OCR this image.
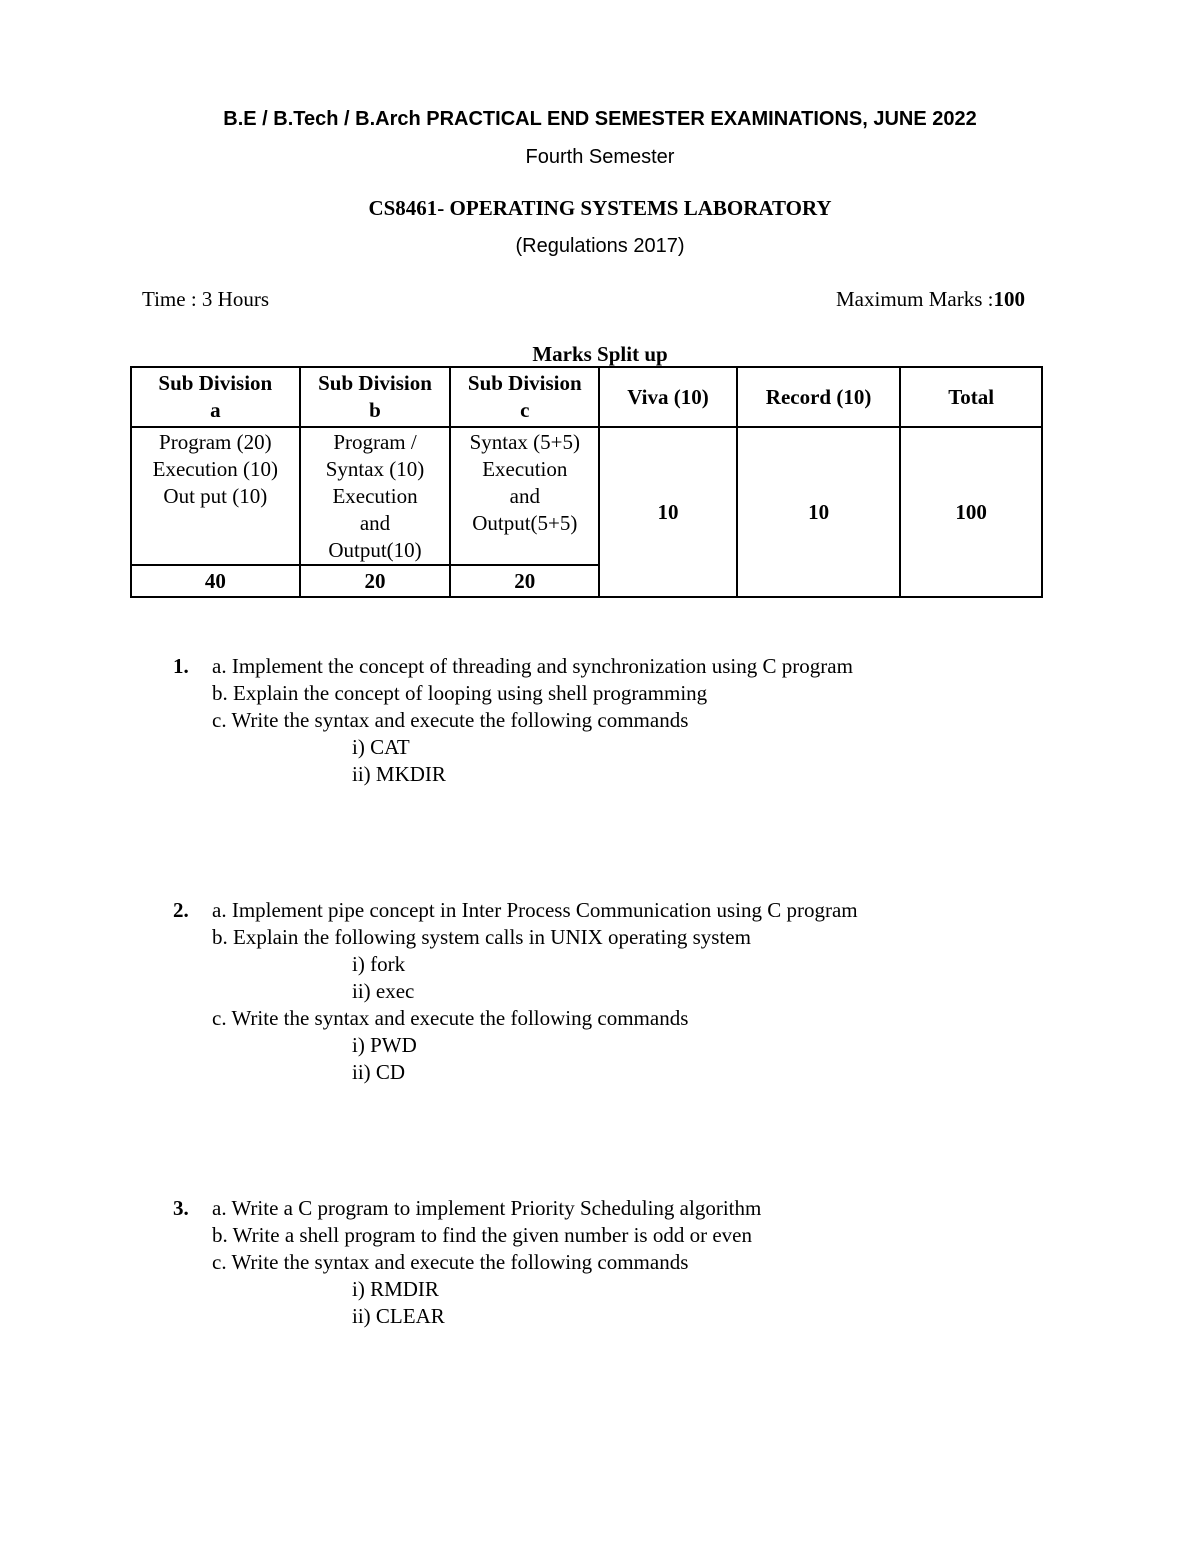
B.E / B.Tech / B.Arch PRACTICAL END SEMESTER EXAMINATIONS, JUNE 2022
Fourth Semester
CS8461- OPERATING SYSTEMS LABORATORY
(Regulations 2017)
Time : 3 Hours	Maximum Marks :100
Marks Split up
Sub Division
a	Sub Division
b	Sub Division
c	Viva (10)	Record (10)	Total
Program (20)
Execution (10)
Out put (10)	Program /
Syntax (10)
Execution
and
Output(10)	Syntax (5+5)
Execution
and
Output(5+5)	10	10	100
40	20	20			
1. a. Implement the concept of threading and synchronization using C program
b. Explain the concept of looping using shell programming
c. Write the syntax and execute the following commands
i) CAT
ii) MKDIR
2. a. Implement pipe concept in Inter Process Communication using C program
b. Explain the following system calls in UNIX operating system
i) fork
ii) exec
c. Write the syntax and execute the following commands
i) PWD
ii) CD
3. a. Write a C program to implement Priority Scheduling algorithm
b. Write a shell program to find the given number is odd or even
c. Write the syntax and execute the following commands
i) RMDIR
ii) CLEAR
